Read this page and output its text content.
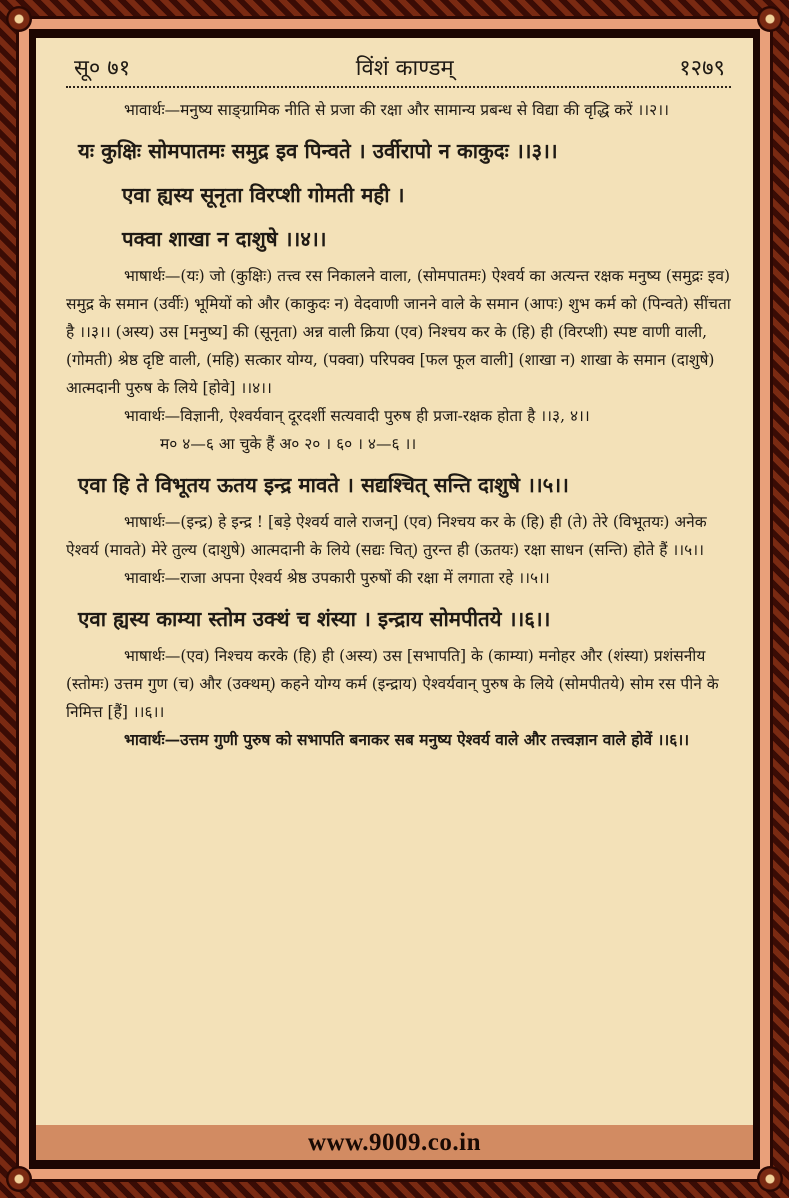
सू० ७१	विंशं काण्डम्	१२७९

भावार्थः—मनुष्य साङ्ग्रामिक नीति से प्रजा की रक्षा और सामान्य प्रबन्ध से विद्या की वृद्धि करें ।।२।।

यः कुक्षिः सोमपातमः समुद्र इव पिन्वते । उर्वीरापो न काकुदः ।।३।।
एवा ह्यस्य सूनृता विरप्शी गोमती मही ।
पक्वा शाखा न दाशुषे ।।४।।

भाषार्थः—(यः) जो (कुक्षिः) तत्त्व रस निकालने वाला, (सोमपातमः) ऐश्वर्य का अत्यन्त रक्षक मनुष्य (समुद्रः इव) समुद्र के समान (उर्वीः) भूमियों को और (काकुदः न) वेदवाणी जानने वाले के समान (आपः) शुभ कर्म को (पिन्वते) सींचता है ।।३।। (अस्य) उस [मनुष्य] की (सूनृता) अन्न वाली क्रिया (एव) निश्चय कर के (हि) ही (विरप्शी) स्पष्ट वाणी वाली, (गोमती) श्रेष्ठ दृष्टि वाली, (महि) सत्कार योग्य, (पक्वा) परिपक्व [फल फूल वाली] (शाखा न) शाखा के समान (दाशुषे) आत्मदानी पुरुष के लिये [होवे] ।।४।।

भावार्थः—विज्ञानी, ऐश्वर्यवान् दूरदर्शी सत्यवादी पुरुष ही प्रजा-रक्षक होता है ।।३, ४।।

म० ४—६ आ चुके हैं अ० २० । ६० । ४—६ ।।
एवा हि ते विभूतय ऊतय इन्द्र मावते । सद्यश्चित् सन्ति दाशुषे ।।५।।

भाषार्थः—(इन्द्र) हे इन्द्र ! [बड़े ऐश्वर्य वाले राजन्] (एव) निश्चय कर के (हि) ही (ते) तेरे (विभूतयः) अनेक ऐश्वर्य (मावते) मेरे तुल्य (दाशुषे) आत्मदानी के लिये (सद्यः चित्) तुरन्त ही (ऊतयः) रक्षा साधन (सन्ति) होते हैं ।।५।।

भावार्थः—राजा अपना ऐश्वर्य श्रेष्ठ उपकारी पुरुषों की रक्षा में लगाता रहे ।।५।।

एवा ह्यस्य काम्या स्तोम उक्थं च शंस्या । इन्द्राय सोमपीतये ।।६।।

भाषार्थः—(एव) निश्चय करके (हि) ही (अस्य) उस [सभापति] के (काम्या) मनोहर और (शंस्या) प्रशंसनीय (स्तोमः) उत्तम गुण (च) और (उक्थम्) कहने योग्य कर्म (इन्द्राय) ऐश्वर्यवान् पुरुष के लिये (सोमपीतये) सोम रस पीने के निमित्त [हैं] ।।६।।

भावार्थः—उत्तम गुणी पुरुष को सभापति बनाकर सब मनुष्य ऐश्वर्य वाले और तत्त्वज्ञान वाले होवें ।।६।।

www.9009.co.in
